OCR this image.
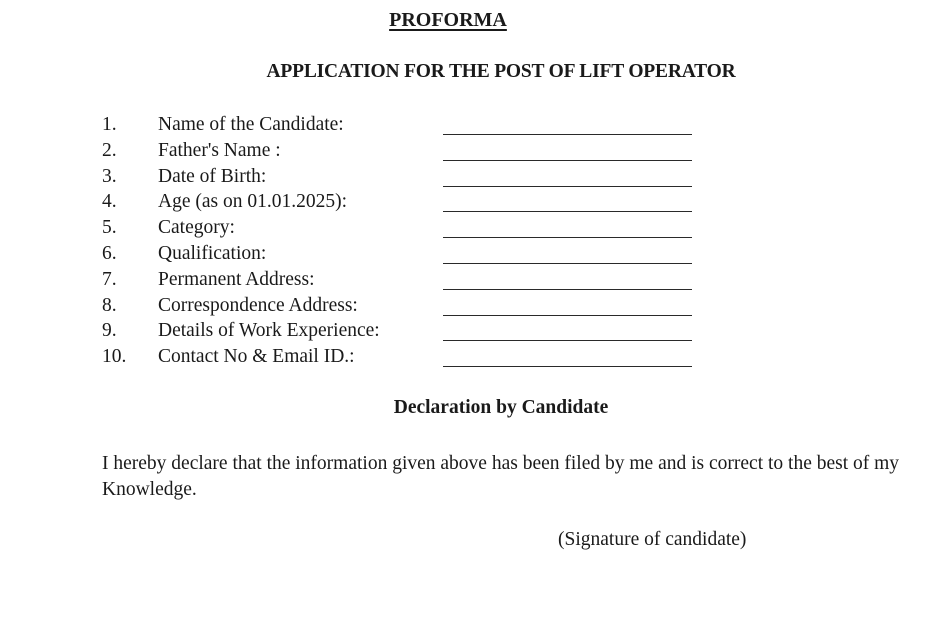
PROFORMA
APPLICATION FOR THE POST OF LIFT OPERATOR
1. Name of the Candidate:
2. Father's Name :
3. Date of Birth:
4. Age (as on 01.01.2025):
5. Category:
6. Qualification:
7. Permanent Address:
8. Correspondence Address:
9. Details of Work Experience:
10. Contact No & Email ID.:
Declaration by Candidate
I hereby declare that the information given above has been filed by me and is correct to the best of my Knowledge.
(Signature of candidate)
